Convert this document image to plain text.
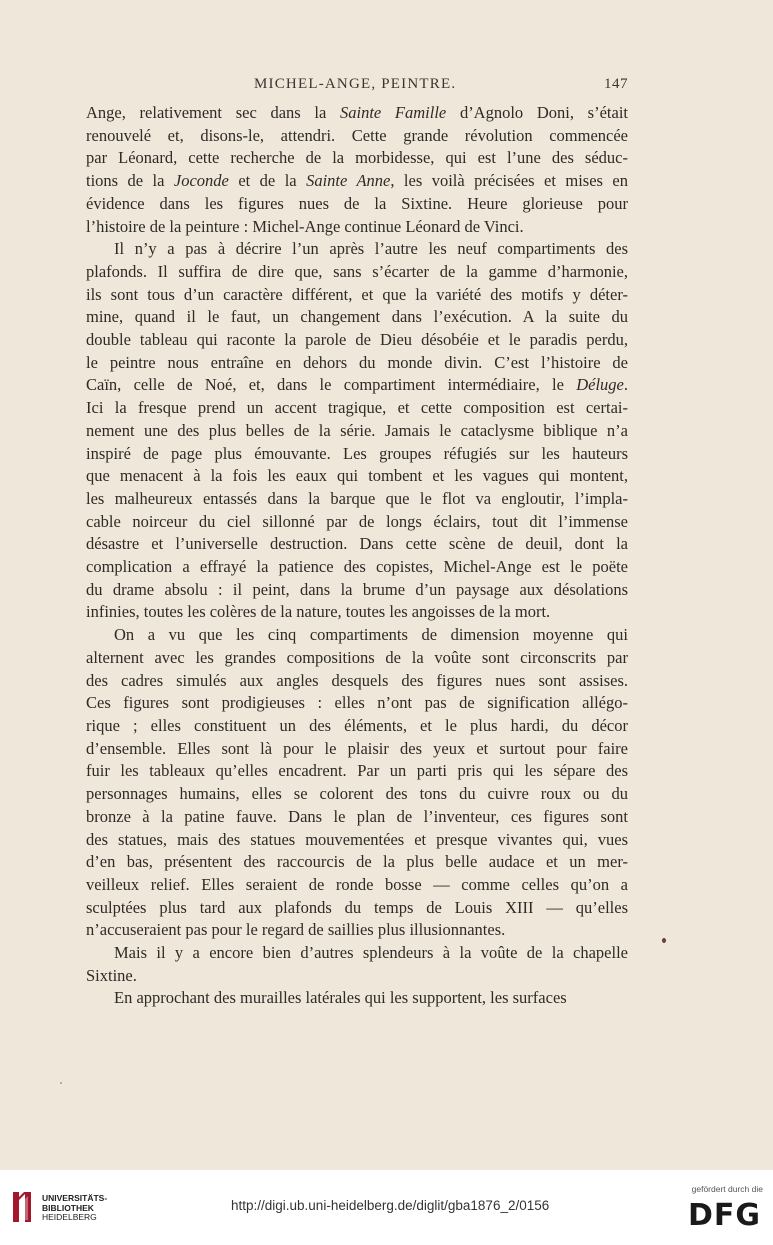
MICHEL-ANGE, PEINTRE.	147

Ange, relativement sec dans la Sainte Famille d’Agnolo Doni, s’était

renouvelé et, disons-le, attendri. Cette grande révolution commencée

par Léonard, cette recherche de la morbidesse, qui est l’une des séduc-

tions de la Joconde et de la Sainte Anne, les voilà précisées et mises en

évidence dans les figures nues de la Sixtine. Heure glorieuse pour

l’histoire de la peinture : Michel-Ange continue Léonard de Vinci.

Il n’y a pas à décrire l’un après l’autre les neuf compartiments des

plafonds. Il suffira de dire que, sans s’écarter de la gamme d’harmonie,

ils sont tous d’un caractère différent, et que la variété des motifs y déter-

mine, quand il le faut, un changement dans l’exécution. A la suite du

double tableau qui raconte la parole de Dieu désobéie et le paradis perdu,

le peintre nous entraîne en dehors du monde divin. C’est l’histoire de

Caïn, celle de Noé, et, dans le compartiment intermédiaire, le Déluge.

Ici la fresque prend un accent tragique, et cette composition est certai-

nement une des plus belles de la série. Jamais le cataclysme biblique n’a

inspiré de page plus émouvante. Les groupes réfugiés sur les hauteurs

que menacent à la fois les eaux qui tombent et les vagues qui montent,

les malheureux entassés dans la barque que le flot va engloutir, l’impla-

cable noirceur du ciel sillonné par de longs éclairs, tout dit l’immense

désastre et l’universelle destruction. Dans cette scène de deuil, dont la

complication a effrayé la patience des copistes, Michel-Ange est le poëte

du drame absolu : il peint, dans la brume d’un paysage aux désolations

infinies, toutes les colères de la nature, toutes les angoisses de la mort.

On a vu que les cinq compartiments de dimension moyenne qui

alternent avec les grandes compositions de la voûte sont circonscrits par

des cadres simulés aux angles desquels des figures nues sont assises.

Ces figures sont prodigieuses : elles n’ont pas de signification allégo-

rique ; elles constituent un des éléments, et le plus hardi, du décor

d’ensemble. Elles sont là pour le plaisir des yeux et surtout pour faire

fuir les tableaux qu’elles encadrent. Par un parti pris qui les sépare des

personnages humains, elles se colorent des tons du cuivre roux ou du

bronze à la patine fauve. Dans le plan de l’inventeur, ces figures sont

des statues, mais des statues mouvementées et presque vivantes qui, vues

d’en bas, présentent des raccourcis de la plus belle audace et un mer-

veilleux relief. Elles seraient de ronde bosse — comme celles qu’on a

sculptées plus tard aux plafonds du temps de Louis XIII — qu’elles

n’accuseraient pas pour le regard de saillies plus illusionnantes.

Mais il y a encore bien d’autres splendeurs à la voûte de la chapelle

Sixtine.

En approchant des murailles latérales qui les supportent, les surfaces

UNIVERSITÄTS-
BIBLIOTHEK
HEIDELBERG
http://digi.ub.uni-heidelberg.de/diglit/gba1876_2/0156
gefördert durch die
DFG
